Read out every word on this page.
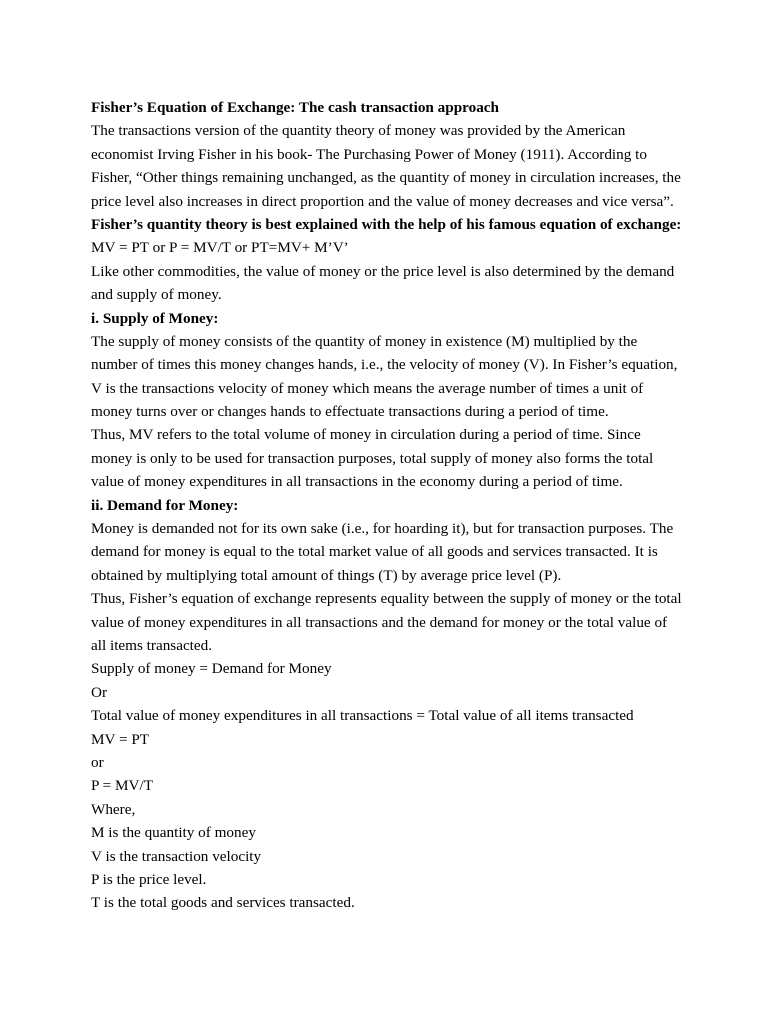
Fisher’s Equation of Exchange: The cash transaction approach
The transactions version of the quantity theory of money was provided by the American
economist Irving Fisher in his book- The Purchasing Power of Money (1911). According to
Fisher, “Other things remaining unchanged, as the quantity of money in circulation increases, the
price level also increases in direct proportion and the value of money decreases and vice versa”.
Fisher’s quantity theory is best explained with the help of his famous equation of exchange:
MV = PT or P = MV/T or PT=MV+ M’V’
Like other commodities, the value of money or the price level is also determined by the demand
and supply of money.
i. Supply of Money:
The supply of money consists of the quantity of money in existence (M) multiplied by the
number of times this money changes hands, i.e., the velocity of money (V). In Fisher’s equation,
V is the transactions velocity of money which means the average number of times a unit of
money turns over or changes hands to effectuate transactions during a period of time.
Thus, MV refers to the total volume of money in circulation during a period of time. Since
money is only to be used for transaction purposes, total supply of money also forms the total
value of money expenditures in all transactions in the economy during a period of time.
ii. Demand for Money:
Money is demanded not for its own sake (i.e., for hoarding it), but for transaction purposes. The
demand for money is equal to the total market value of all goods and services transacted. It is
obtained by multiplying total amount of things (T) by average price level (P).
Thus, Fisher’s equation of exchange represents equality between the supply of money or the total
value of money expenditures in all transactions and the demand for money or the total value of
all items transacted.
Supply of money = Demand for Money
Or
Total value of money expenditures in all transactions = Total value of all items transacted
MV = PT
or
P = MV/T
Where,
M is the quantity of money
V is the transaction velocity
P is the price level.
T is the total goods and services transacted.
